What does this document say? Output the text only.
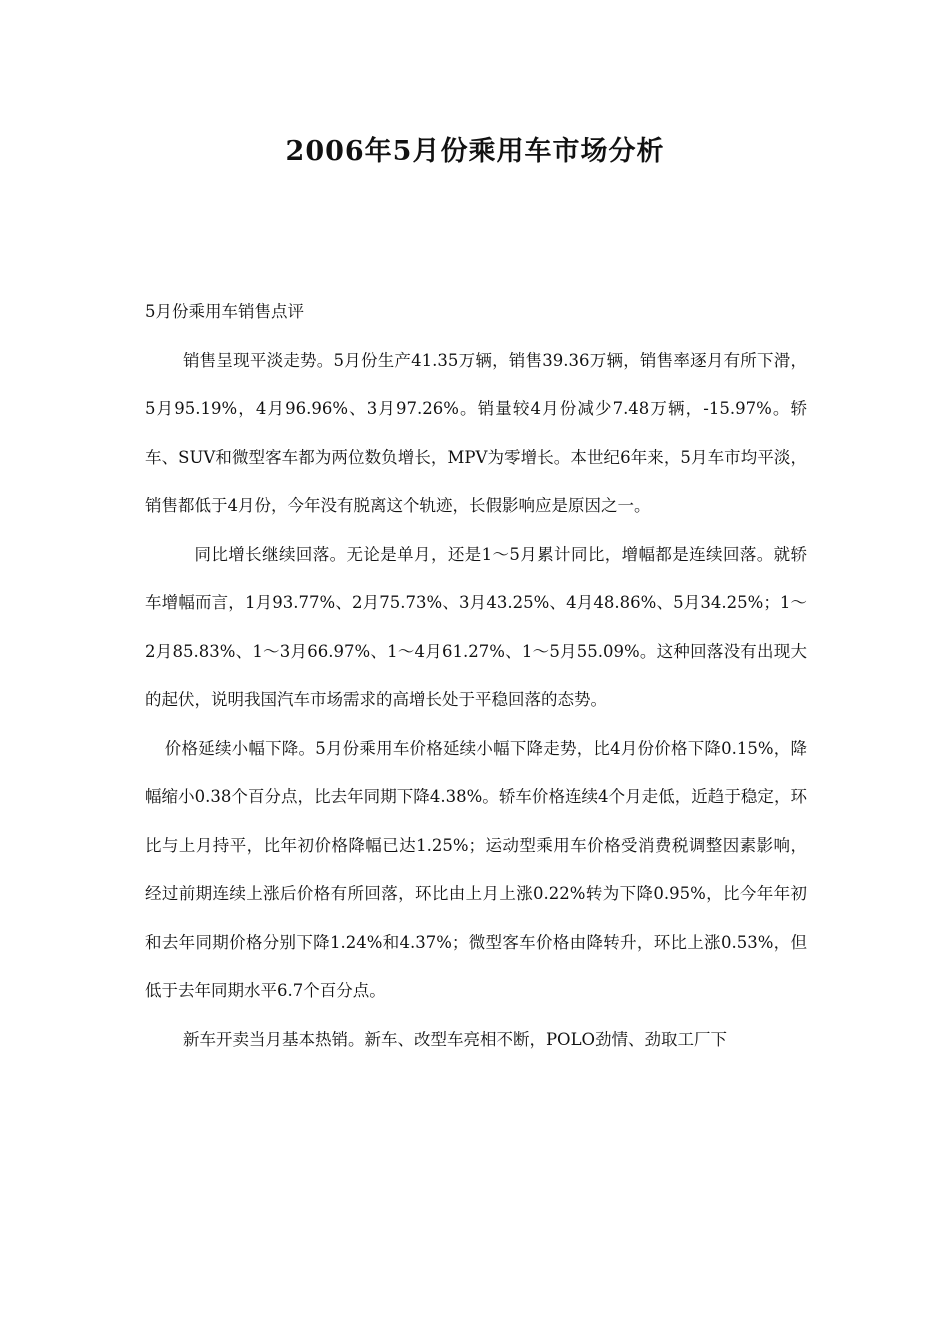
2006年5月份乘用车市场分析

5月份乘用车销售点评

销售呈现平淡走势。5月份生产41.35万辆，销售39.36万辆，销售率逐月有所下滑，5月95.19%，4月96.96%、3月97.26%。销量较4月份减少7.48万辆，-15.97%。轿车、SUV和微型客车都为两位数负增长，MPV为零增长。本世纪6年来，5月车市均平淡，销售都低于4月份，今年没有脱离这个轨迹，长假影响应是原因之一。

同比增长继续回落。无论是单月，还是1～5月累计同比，增幅都是连续回落。就轿车增幅而言，1月93.77%、2月75.73%、3月43.25%、4月48.86%、5月34.25%；1～2月85.83%、1～3月66.97%、1～4月61.27%、1～5月55.09%。这种回落没有出现大的起伏，说明我国汽车市场需求的高增长处于平稳回落的态势。

价格延续小幅下降。5月份乘用车价格延续小幅下降走势，比4月份价格下降0.15%，降幅缩小0.38个百分点，比去年同期下降4.38%。轿车价格连续4个月走低，近趋于稳定，环比与上月持平，比年初价格降幅已达1.25%；运动型乘用车价格受消费税调整因素影响，经过前期连续上涨后价格有所回落，环比由上月上涨0.22%转为下降0.95%，比今年年初和去年同期价格分别下降1.24%和4.37%；微型客车价格由降转升，环比上涨0.53%，但低于去年同期水平6.7个百分点。

新车开卖当月基本热销。新车、改型车亮相不断，POLO劲情、劲取工厂下
